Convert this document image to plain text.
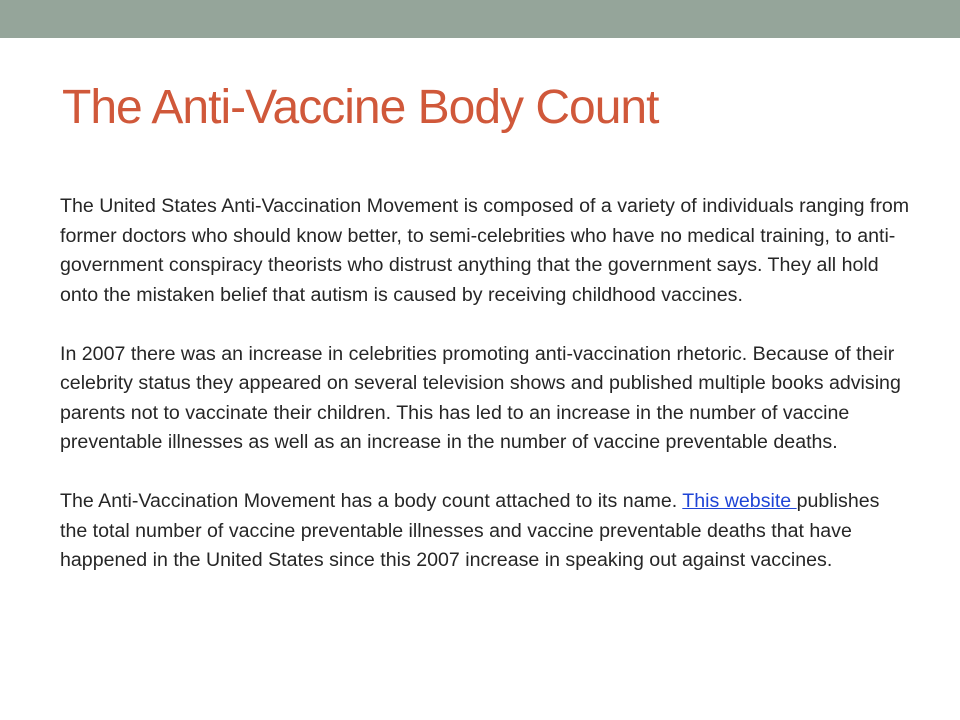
The Anti-Vaccine Body Count

The United States Anti-Vaccination Movement is composed of a variety of individuals ranging from former doctors who should know better, to semi-celebrities who have no medical training, to anti-government conspiracy theorists who distrust anything that the government says. They all hold onto the mistaken belief that autism is caused by receiving childhood vaccines.

In 2007 there was an increase in celebrities promoting anti-vaccination rhetoric. Because of their celebrity status they appeared on several television shows and published multiple books advising parents not to vaccinate their children. This has led to an increase in the number of vaccine preventable illnesses as well as an increase in the number of vaccine preventable deaths.

The Anti-Vaccination Movement has a body count attached to its name. This website publishes the total number of vaccine preventable illnesses and vaccine preventable deaths that have happened in the United States since this 2007 increase in speaking out against vaccines.
